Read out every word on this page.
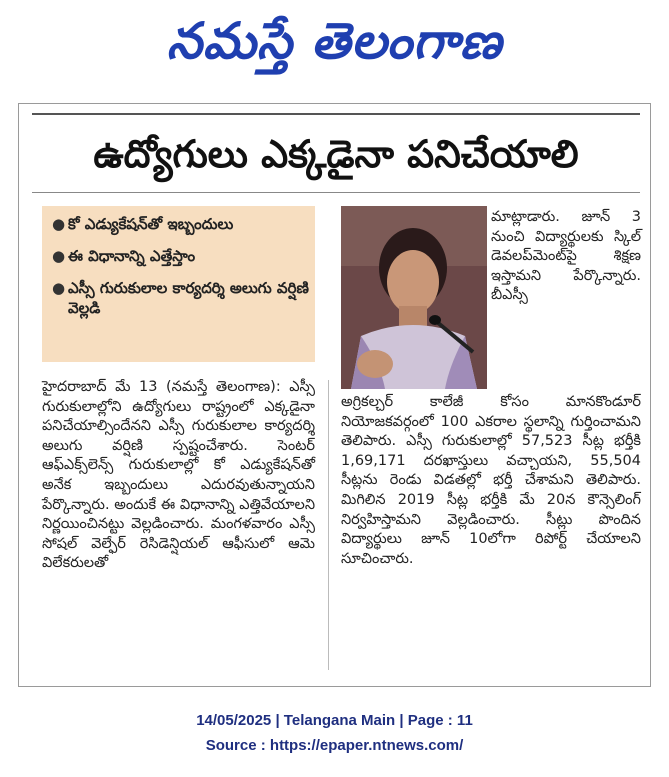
నమస్తే తెలంగాణ
ఉద్యోగులు ఎక్కడైనా పనిచేయాలి
● కో ఎడ్యుకేషన్‌తో ఇబ్బందులు
● ఈ విధానాన్ని ఎత్తేస్తాం
● ఎస్సీ గురుకులాల కార్యదర్శి అలుగు వర్షిణి వెల్లడి

మాట్లాడారు. జూన్ 3 నుంచి విద్యార్థులకు స్కిల్ డెవలప్‌మెంట్‌పై శిక్షణ ఇస్తామని పేర్కొన్నారు. బీఎస్సీ

హైదరాబాద్ మే 13 (నమస్తే తెలంగాణ): ఎస్సీ గురుకులాల్లోని ఉద్యోగులు రాష్ట్రంలో ఎక్కడైనా పనిచేయాల్సిందేనని ఎస్సీ గురుకులాల కార్యదర్శి అలుగు వర్షిణి స్పష్టంచేశారు. సెంటర్ ఆఫ్‌ఎక్స్‌లెన్స్ గురుకులాల్లో కో ఎడ్యుకేషన్‌తో అనేక ఇబ్బందులు ఎదురవుతున్నాయని పేర్కొన్నారు. అందుకే ఈ విధానాన్ని ఎత్తివేయాలని నిర్ణయించినట్టు వెల్లడించారు. మంగళవారం ఎస్సీ సోషల్ వెల్ఫేర్ రెసిడెన్షియల్ ఆఫీసులో ఆమె విలేకరులతో

అగ్రికల్చర్ కాలేజీ కోసం మానకొండూర్ నియోజకవర్గంలో 100 ఎకరాల స్థలాన్ని గుర్తించామని తెలిపారు. ఎస్సీ గురుకులాల్లో 57,523 సీట్ల భర్తీకి 1,69,171 దరఖాస్తులు వచ్చాయని, 55,504 సీట్లను రెండు విడతల్లో భర్తీ చేశామని తెలిపారు. మిగిలిన 2019 సీట్ల భర్తీకి మే 20న కౌన్సెలింగ్ నిర్వహిస్తామని వెల్లడించారు. సీట్లు పొందిన విద్యార్థులు జూన్ 10లోగా రిపోర్ట్ చేయాలని సూచించారు.

14/05/2025 | Telangana Main | Page : 11
Source : https://epaper.ntnews.com/
